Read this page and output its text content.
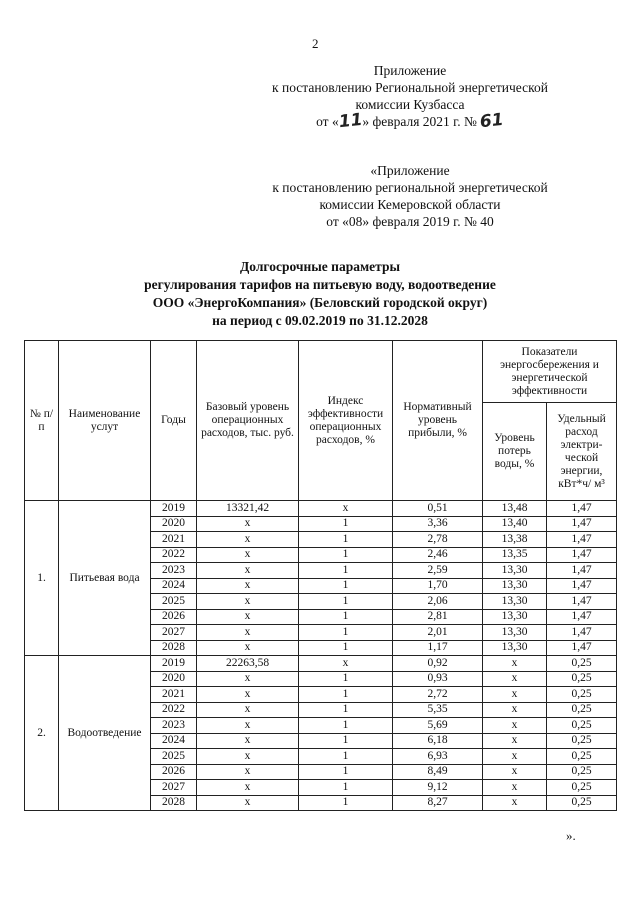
2
Приложение
к постановлению Региональной энергетической
комиссии Кузбасса
от «11» февраля 2021 г. № 61
«Приложение
к постановлению региональной энергетической
комиссии Кемеровской области
от «08» февраля 2019 г. № 40
Долгосрочные параметры
регулирования тарифов на питьевую воду, водоотведение
ООО «ЭнергоКомпания» (Беловский городской округ)
на период с 09.02.2019 по 31.12.2028
№ п/п	Наименование услут	Годы	Базовый уровень операционных расходов, тыс. руб.	Индекс эффективности операционных расходов, %	Нормативный уровень прибыли, %	Показатели энергосбережения и энергетической эффективности	
						Уровень потерь воды, %	Удельный расход электри-ческой энергии, кВт*ч/ м³
1.	Питьевая вода	2019	13321,42	x	0,51	13,48	1,47
		2020	x	1	3,36	13,40	1,47
		2021	x	1	2,78	13,38	1,47
		2022	x	1	2,46	13,35	1,47
		2023	x	1	2,59	13,30	1,47
		2024	x	1	1,70	13,30	1,47
		2025	x	1	2,06	13,30	1,47
		2026	x	1	2,81	13,30	1,47
		2027	x	1	2,01	13,30	1,47
		2028	x	1	1,17	13,30	1,47
2.	Водоотведение	2019	22263,58	x	0,92	x	0,25
		2020	x	1	0,93	x	0,25
		2021	x	1	2,72	x	0,25
		2022	x	1	5,35	x	0,25
		2023	x	1	5,69	x	0,25
		2024	x	1	6,18	x	0,25
		2025	x	1	6,93	x	0,25
		2026	x	1	8,49	x	0,25
		2027	x	1	9,12	x	0,25
		2028	x	1	8,27	x	0,25
».
